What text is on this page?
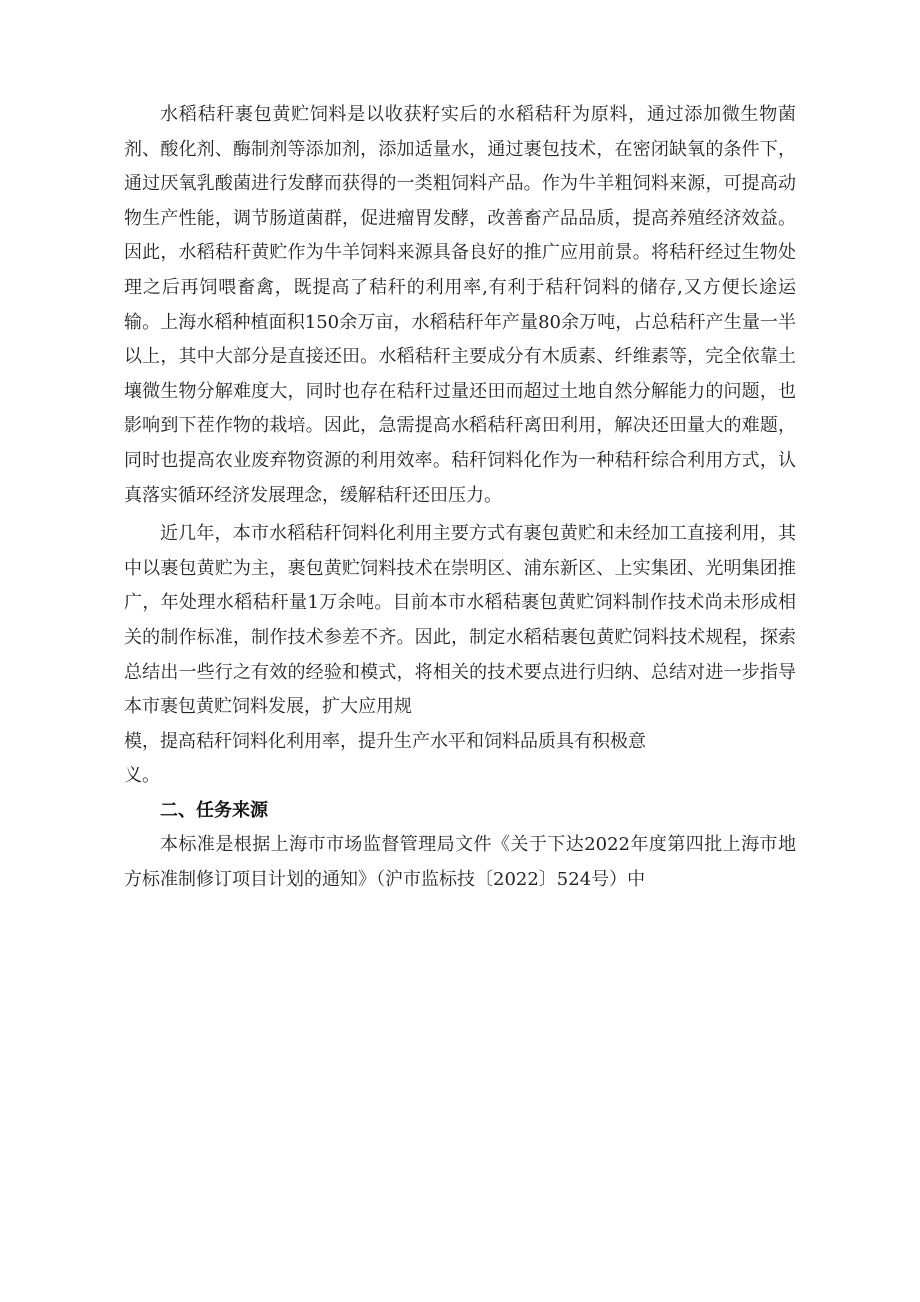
水稻秸秆裹包黄贮饲料是以收获籽实后的水稻秸秆为原料，通过添加微生物菌剂、酸化剂、酶制剂等添加剂，添加适量水，通过裹包技术，在密闭缺氧的条件下，通过厌氧乳酸菌进行发酵而获得的一类粗饲料产品。作为牛羊粗饲料来源，可提高动物生产性能，调节肠道菌群，促进瘤胃发酵，改善畜产品品质，提高养殖经济效益。因此，水稻秸秆黄贮作为牛羊饲料来源具备良好的推广应用前景。将秸秆经过生物处理之后再饲喂畜禽，既提高了秸秆的利用率,有利于秸秆饲料的储存,又方便长途运输。上海水稻种植面积150余万亩，水稻秸秆年产量80余万吨，占总秸秆产生量一半以上，其中大部分是直接还田。水稻秸秆主要成分有木质素、纤维素等，完全依靠土壤微生物分解难度大，同时也存在秸秆过量还田而超过土地自然分解能力的问题，也影响到下茬作物的栽培。因此，急需提高水稻秸秆离田利用，解决还田量大的难题，同时也提高农业废弃物资源的利用效率。秸秆饲料化作为一种秸秆综合利用方式，认真落实循环经济发展理念，缓解秸秆还田压力。

近几年，本市水稻秸秆饲料化利用主要方式有裹包黄贮和未经加工直接利用，其中以裹包黄贮为主，裹包黄贮饲料技术在崇明区、浦东新区、上实集团、光明集团推广，年处理水稻秸秆量1万余吨。目前本市水稻秸裹包黄贮饲料制作技术尚未形成相关的制作标准，制作技术参差不齐。因此，制定水稻秸裹包黄贮饲料技术规程，探索总结出一些行之有效的经验和模式，将相关的技术要点进行归纳、总结对进一步指导本市裹包黄贮饲料发展，扩大应用规

模，提高秸秆饲料化利用率，提升生产水平和饲料品质具有积极意

义。

二、任务来源

本标准是根据上海市市场监督管理局文件《关于下达2022年度第四批上海市地方标准制修订项目计划的通知》（沪市监标技〔2022〕524号）中
